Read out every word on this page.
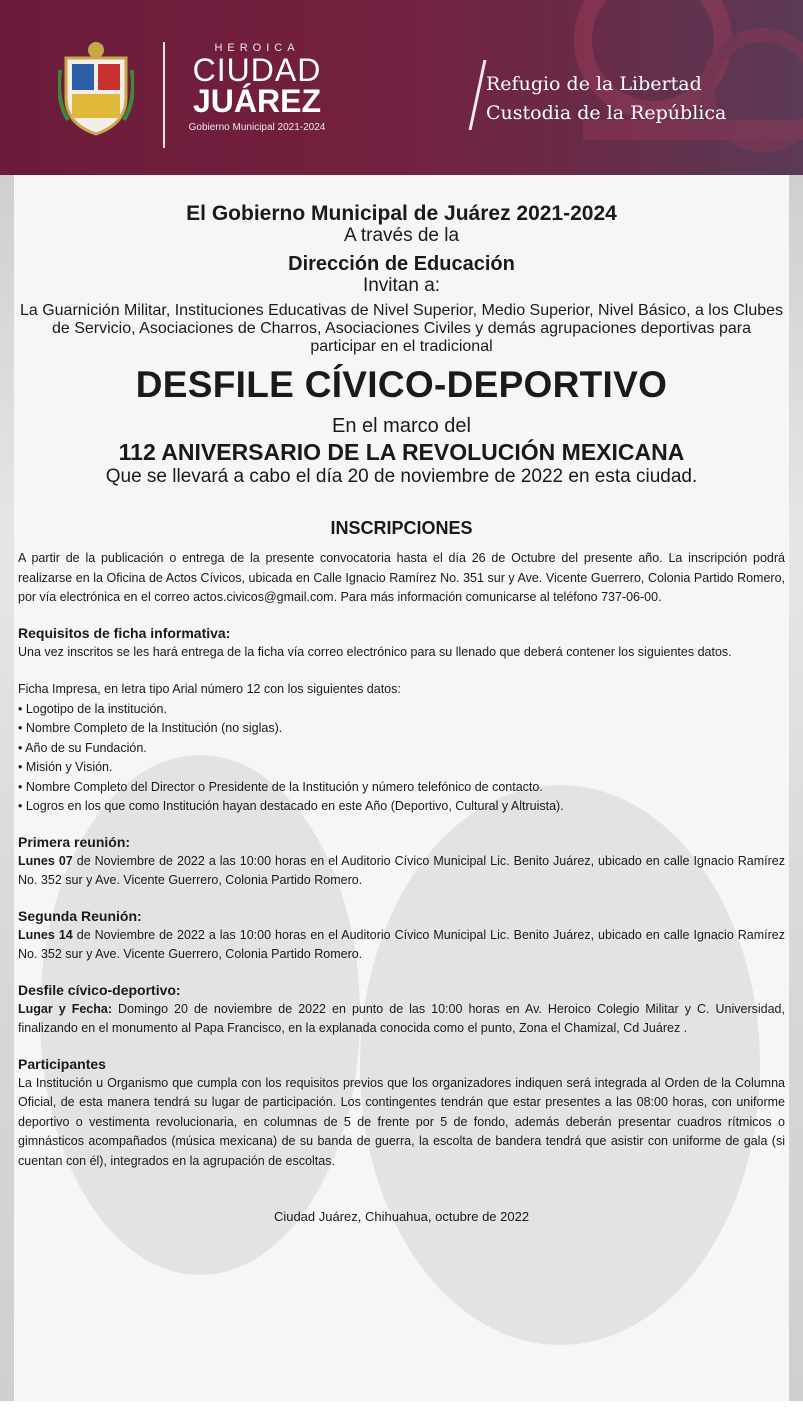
HEROICA
CIUDAD
JUÁREZ
Gobierno Municipal 2021-2024
Refugio de la Libertad
Custodia de la República
El Gobierno Municipal de Juárez 2021-2024
A través de la
Dirección de Educación
Invitan a:
La Guarnición Militar, Instituciones Educativas de Nivel Superior, Medio Superior, Nivel Básico, a los Clubes de Servicio, Asociaciones de Charros, Asociaciones Civiles y demás agrupaciones deportivas para participar en el tradicional
DESFILE CÍVICO-DEPORTIVO
En el marco del
112 ANIVERSARIO DE LA REVOLUCIÓN MEXICANA
Que se llevará a cabo el día 20 de noviembre de 2022 en esta ciudad.
INSCRIPCIONES
A partir de la publicación o entrega de la presente convocatoria hasta el día 26 de Octubre del presente año. La inscripción podrá realizarse en la Oficina de Actos Cívicos, ubicada en Calle Ignacio Ramírez No. 351 sur y Ave. Vicente Guerrero, Colonia Partido Romero, por vía electrónica en el correo actos.civicos@gmail.com. Para más información comunicarse al teléfono 737-06-00.
Requisitos de ficha informativa:
Una vez inscritos se les hará entrega de la ficha vía correo electrónico para su llenado que deberá contener los siguientes datos.
Ficha Impresa, en letra tipo Arial número 12 con los siguientes datos:
• Logotipo de la institución.
• Nombre Completo de la Institución (no siglas).
• Año de su Fundación.
• Misión y Visión.
• Nombre Completo del Director o Presidente de la Institución y número telefónico de contacto.
• Logros en los que como Institución hayan destacado en este Año (Deportivo, Cultural y Altruista).
Primera reunión:
Lunes 07 de Noviembre de 2022 a las 10:00 horas en el Auditorio Cívico Municipal Lic. Benito Juárez, ubicado en calle Ignacio Ramírez No. 352 sur y Ave. Vicente Guerrero, Colonia Partido Romero.
Segunda Reunión:
Lunes 14 de Noviembre de 2022 a las 10:00 horas en el Auditorio Cívico Municipal Lic. Benito Juárez, ubicado en calle Ignacio Ramírez No. 352 sur y Ave. Vicente Guerrero, Colonia Partido Romero.
Desfile cívico-deportivo:
Lugar y Fecha: Domingo 20 de noviembre de 2022 en punto de las 10:00 horas en Av. Heroico Colegio Militar y C. Universidad, finalizando en el monumento al Papa Francisco, en la explanada conocida como el punto, Zona el Chamizal, Cd Juárez .
Participantes
La Institución u Organismo que cumpla con los requisitos previos que los organizadores indiquen será integrada al Orden de la Columna Oficial, de esta manera tendrá su lugar de participación. Los contingentes tendrán que estar presentes a las 08:00 horas, con uniforme deportivo o vestimenta revolucionaria, en columnas de 5 de frente por 5 de fondo, además deberán presentar cuadros rítmicos o gimnásticos acompañados (música mexicana) de su banda de guerra, la escolta de bandera tendrá que asistir con uniforme de gala (si cuentan con él), integrados en la agrupación de escoltas.
Ciudad Juárez, Chihuahua, octubre de 2022
